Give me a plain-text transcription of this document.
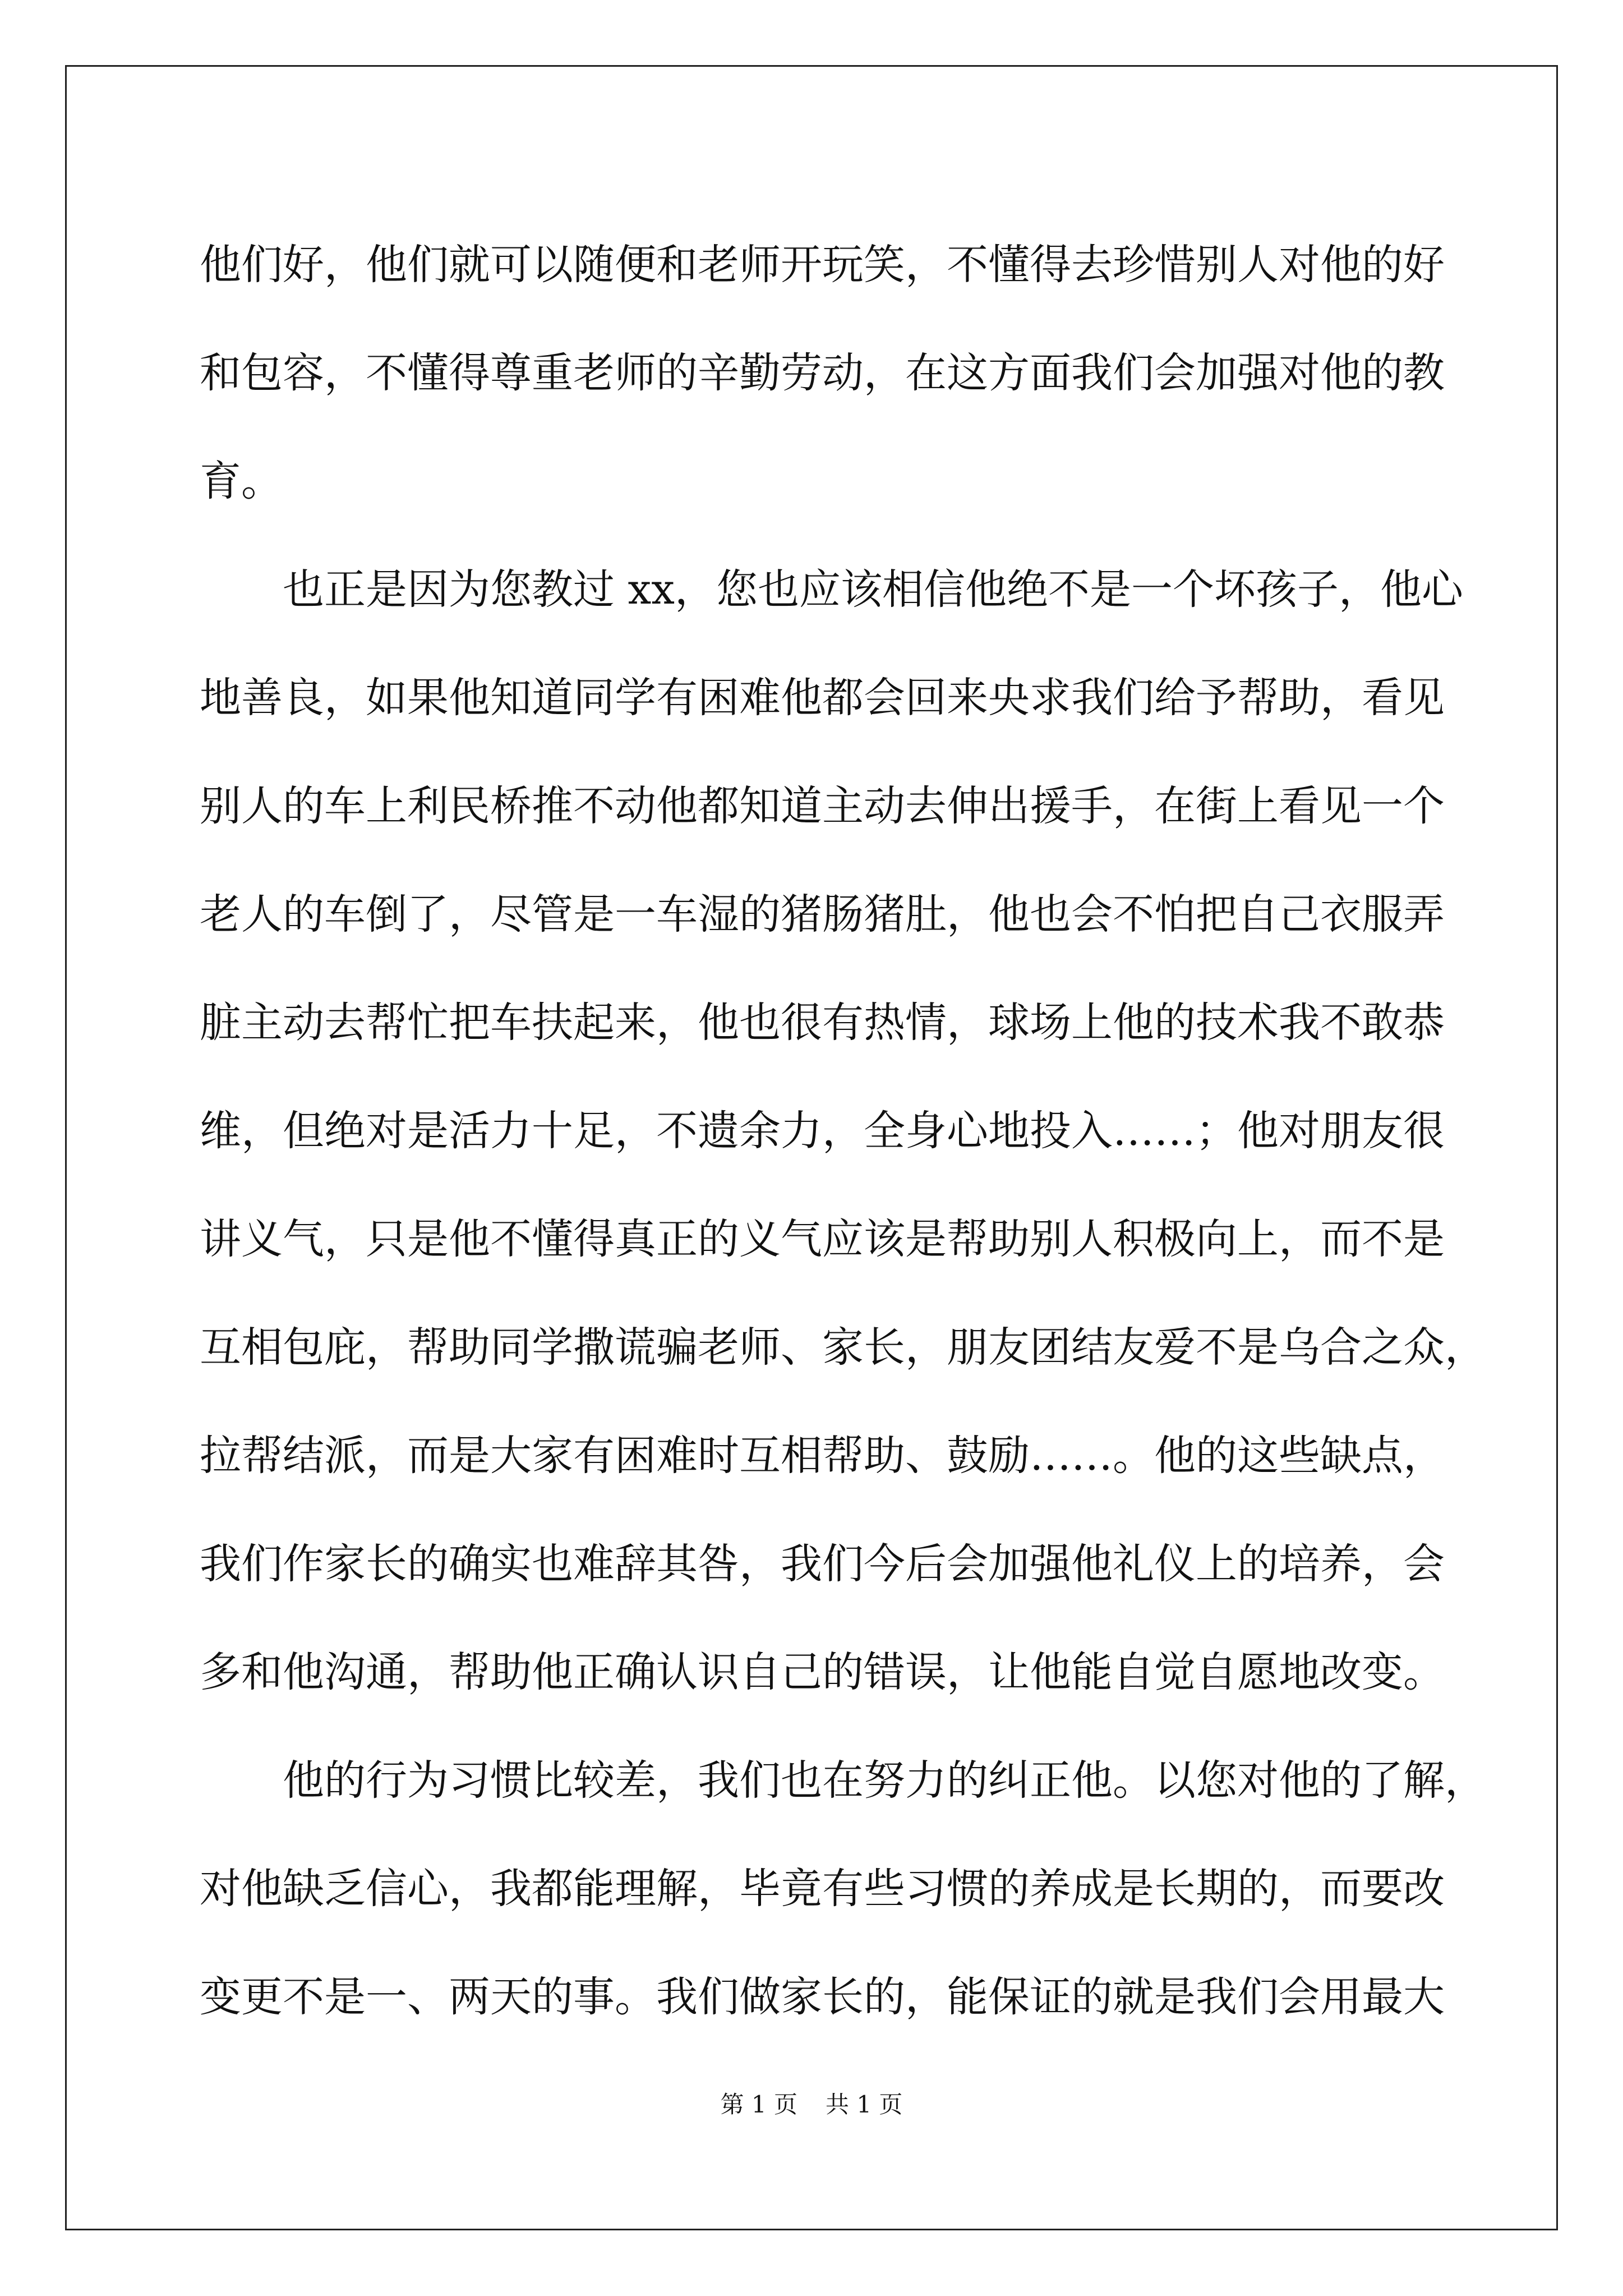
他们好，他们就可以随便和老师开玩笑，不懂得去珍惜别人对他的好
和包容，不懂得尊重老师的辛勤劳动，在这方面我们会加强对他的教
育。
　　也正是因为您教过 xx，您也应该相信他绝不是一个坏孩子，他心
地善良，如果他知道同学有困难他都会回来央求我们给予帮助，看见
别人的车上利民桥推不动他都知道主动去伸出援手，在街上看见一个
老人的车倒了，尽管是一车湿的猪肠猪肚，他也会不怕把自己衣服弄
脏主动去帮忙把车扶起来，他也很有热情，球场上他的技术我不敢恭
维，但绝对是活力十足，不遗余力，全身心地投入……；他对朋友很
讲义气，只是他不懂得真正的义气应该是帮助别人积极向上，而不是
互相包庇，帮助同学撒谎骗老师、家长，朋友团结友爱不是乌合之众，
拉帮结派，而是大家有困难时互相帮助、鼓励……。他的这些缺点，
我们作家长的确实也难辞其咎，我们今后会加强他礼仪上的培养，会
多和他沟通，帮助他正确认识自己的错误，让他能自觉自愿地改变。
　　他的行为习惯比较差，我们也在努力的纠正他。以您对他的了解，
对他缺乏信心，我都能理解，毕竟有些习惯的养成是长期的，而要改
变更不是一、两天的事。我们做家长的，能保证的就是我们会用最大
第 1 页 共 1 页
